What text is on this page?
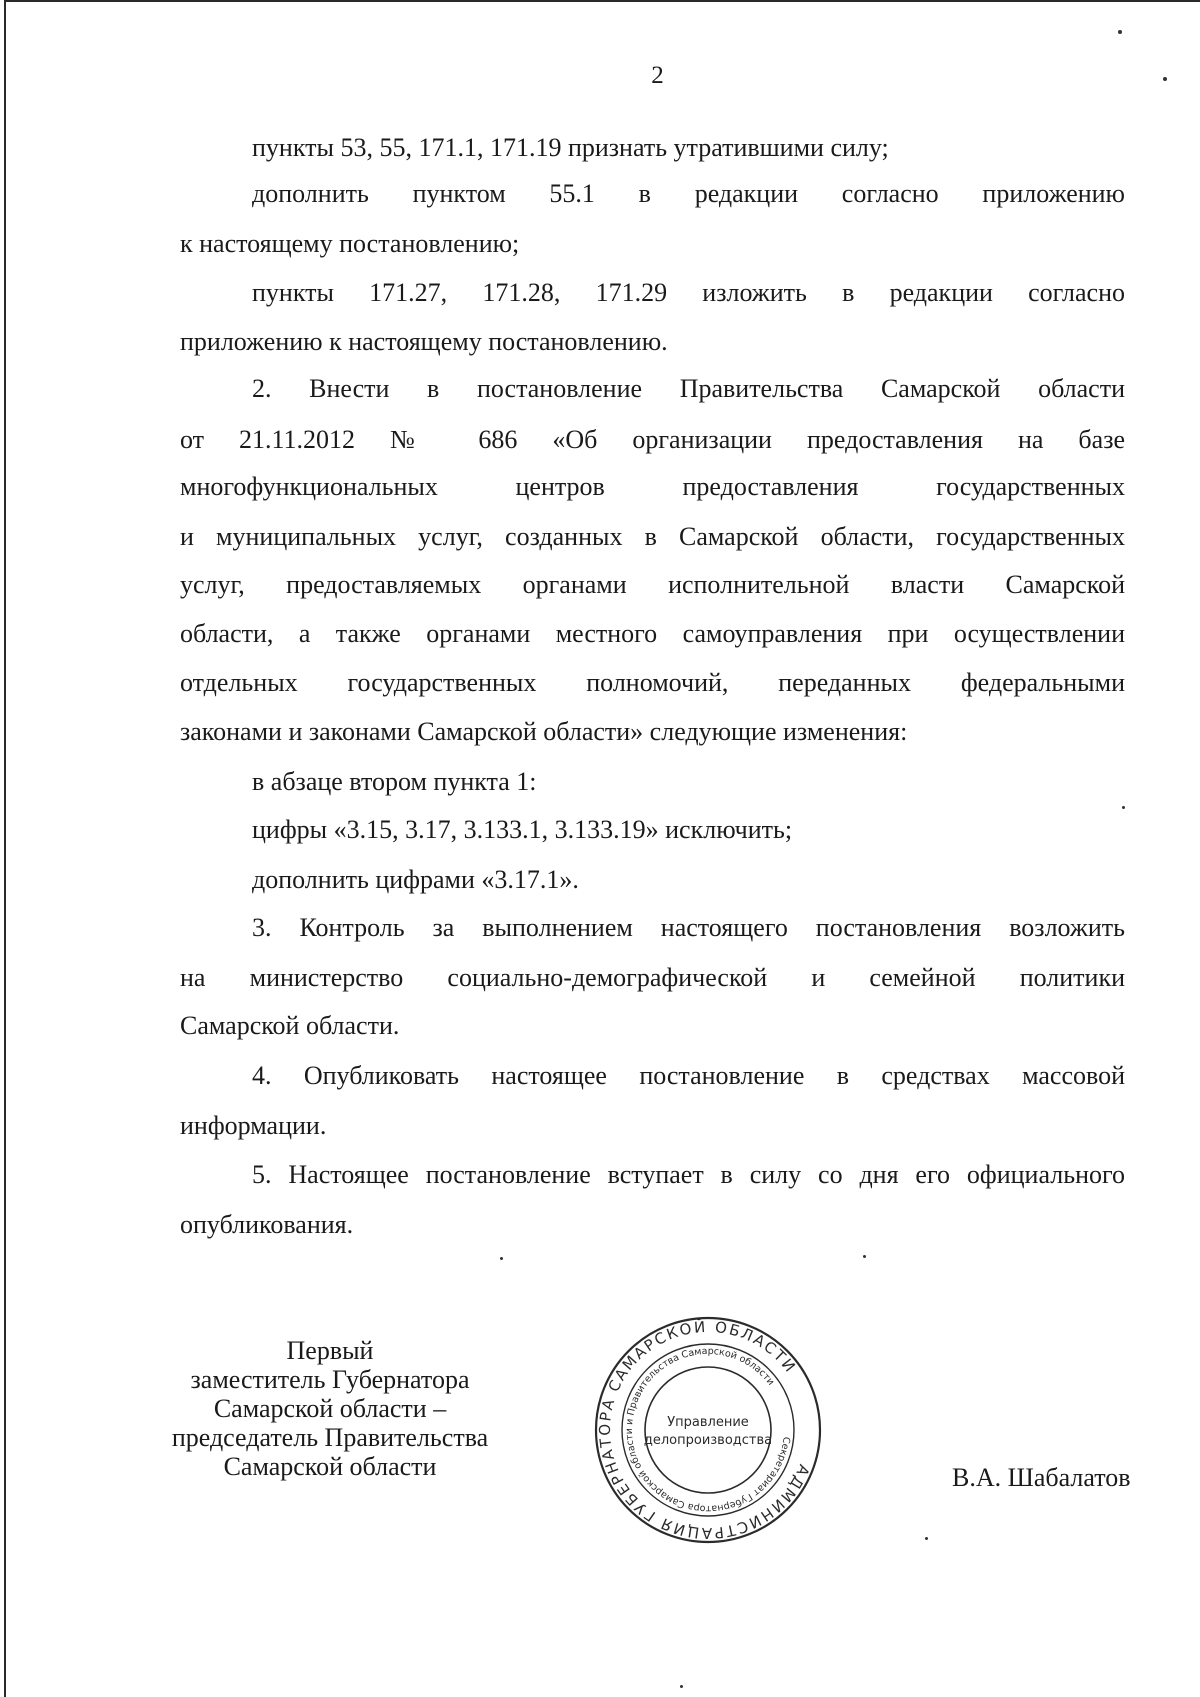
2
пункты 53, 55, 171.1, 171.19 признать утратившими силу;
дополнить пунктом 55.1 в редакции согласно приложению
к настоящему постановлению;
пункты 171.27, 171.28, 171.29 изложить в редакции согласно
приложению к настоящему постановлению.
2. Внести в постановление Правительства Самарской области
от 21.11.2012 № 686 «Об организации предоставления на базе
многофункциональных центров предоставления государственных
и муниципальных услуг, созданных в Самарской области, государственных
услуг, предоставляемых органами исполнительной власти Самарской
области, а также органами местного самоуправления при осуществлении
отдельных государственных полномочий, переданных федеральными
законами и законами Самарской области» следующие изменения:
в абзаце втором пункта 1:
цифры «3.15, 3.17, 3.133.1, 3.133.19» исключить;
дополнить цифрами «3.17.1».
3. Контроль за выполнением настоящего постановления возложить
на министерство социально-демографической и семейной политики
Самарской области.
4. Опубликовать настоящее постановление в средствах массовой
информации.
5. Настоящее постановление вступает в силу со дня его официального
опубликования.
Первый
заместитель Губернатора
Самарской области –
председатель Правительства
Самарской области	АДМИНИСТРАЦИЯ ГУБЕРНАТОРА САМАРСКОЙ ОБЛАСТИ
Секретариат Губернатора Самарской области и Правительства Самарской области
Управление
делопроизводства
В.А. Шабалатов
